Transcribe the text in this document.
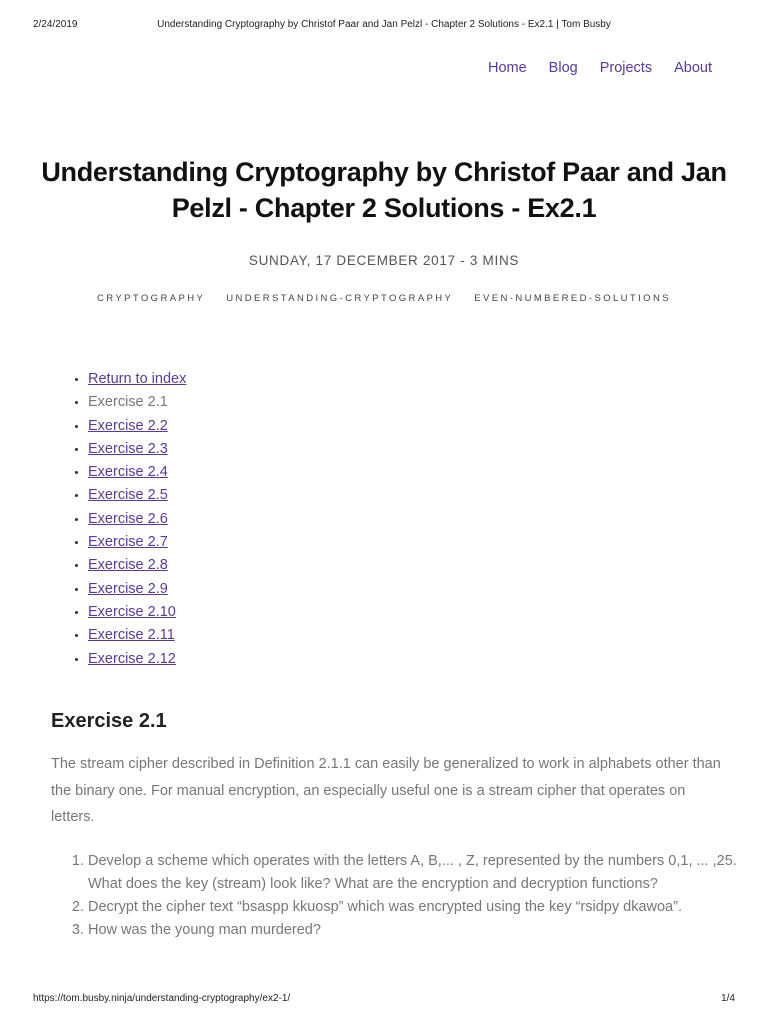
2/24/2019	Understanding Cryptography by Christof Paar and Jan Pelzl - Chapter 2 Solutions - Ex2.1 | Tom Busby
Home Blog Projects About
Understanding Cryptography by Christof Paar and Jan Pelzl - Chapter 2 Solutions - Ex2.1
SUNDAY, 17 DECEMBER 2017 - 3 MINS
CRYPTOGRAPHY UNDERSTANDING-CRYPTOGRAPHY EVEN-NUMBERED-SOLUTIONS
• Return to index
• Exercise 2.1
• Exercise 2.2
• Exercise 2.3
• Exercise 2.4
• Exercise 2.5
• Exercise 2.6
• Exercise 2.7
• Exercise 2.8
• Exercise 2.9
• Exercise 2.10
• Exercise 2.11
• Exercise 2.12
Exercise 2.1

The stream cipher described in Definition 2.1.1 can easily be generalized to work in alphabets other than the binary one. For manual encryption, an especially useful one is a stream cipher that operates on letters.

1. Develop a scheme which operates with the letters A, B,... , Z, represented by the numbers 0,1, ... ,25. What does the key (stream) look like? What are the encryption and decryption functions?
2. Decrypt the cipher text “bsaspp kkuosp” which was encrypted using the key “rsidpy dkawoa”.
3. How was the young man murdered?
https://tom.busby.ninja/understanding-cryptography/ex2-1/	1/4
